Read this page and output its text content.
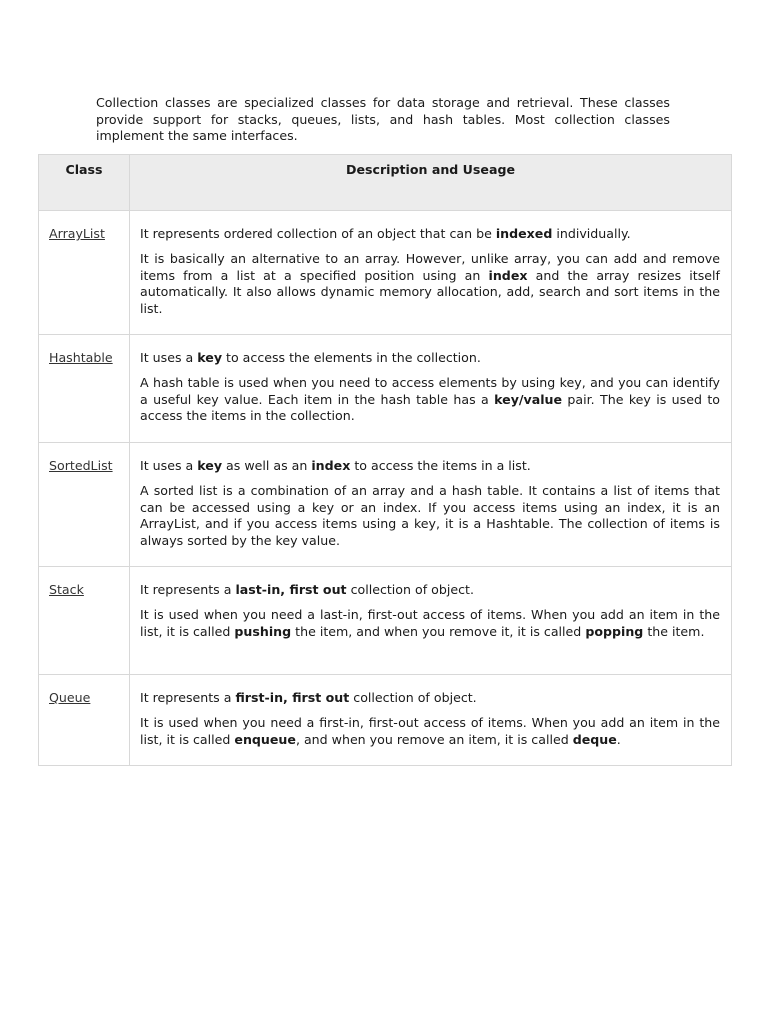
Collection classes are specialized classes for data storage and retrieval. These classes provide support for stacks, queues, lists, and hash tables. Most collection classes implement the same interfaces.

Class	Description and Useage
ArrayList	It represents ordered collection of an object that can be indexed individually.

It is basically an alternative to an array. However, unlike array, you can add and remove items from a list at a specified position using an index and the array resizes itself automatically. It also allows dynamic memory allocation, add, search and sort items in the list.

Hashtable	It uses a key to access the elements in the collection.

A hash table is used when you need to access elements by using key, and you can identify a useful key value. Each item in the hash table has a key/value pair. The key is used to access the items in the collection.

SortedList	It uses a key as well as an index to access the items in a list.

A sorted list is a combination of an array and a hash table. It contains a list of items that can be accessed using a key or an index. If you access items using an index, it is an ArrayList, and if you access items using a key, it is a Hashtable. The collection of items is always sorted by the key value.

Stack	It represents a last-in, first out collection of object.

It is used when you need a last-in, first-out access of items. When you add an item in the list, it is called pushing the item, and when you remove it, it is called popping the item.

Queue	It represents a first-in, first out collection of object.

It is used when you need a first-in, first-out access of items. When you add an item in the list, it is called enqueue, and when you remove an item, it is called deque.
